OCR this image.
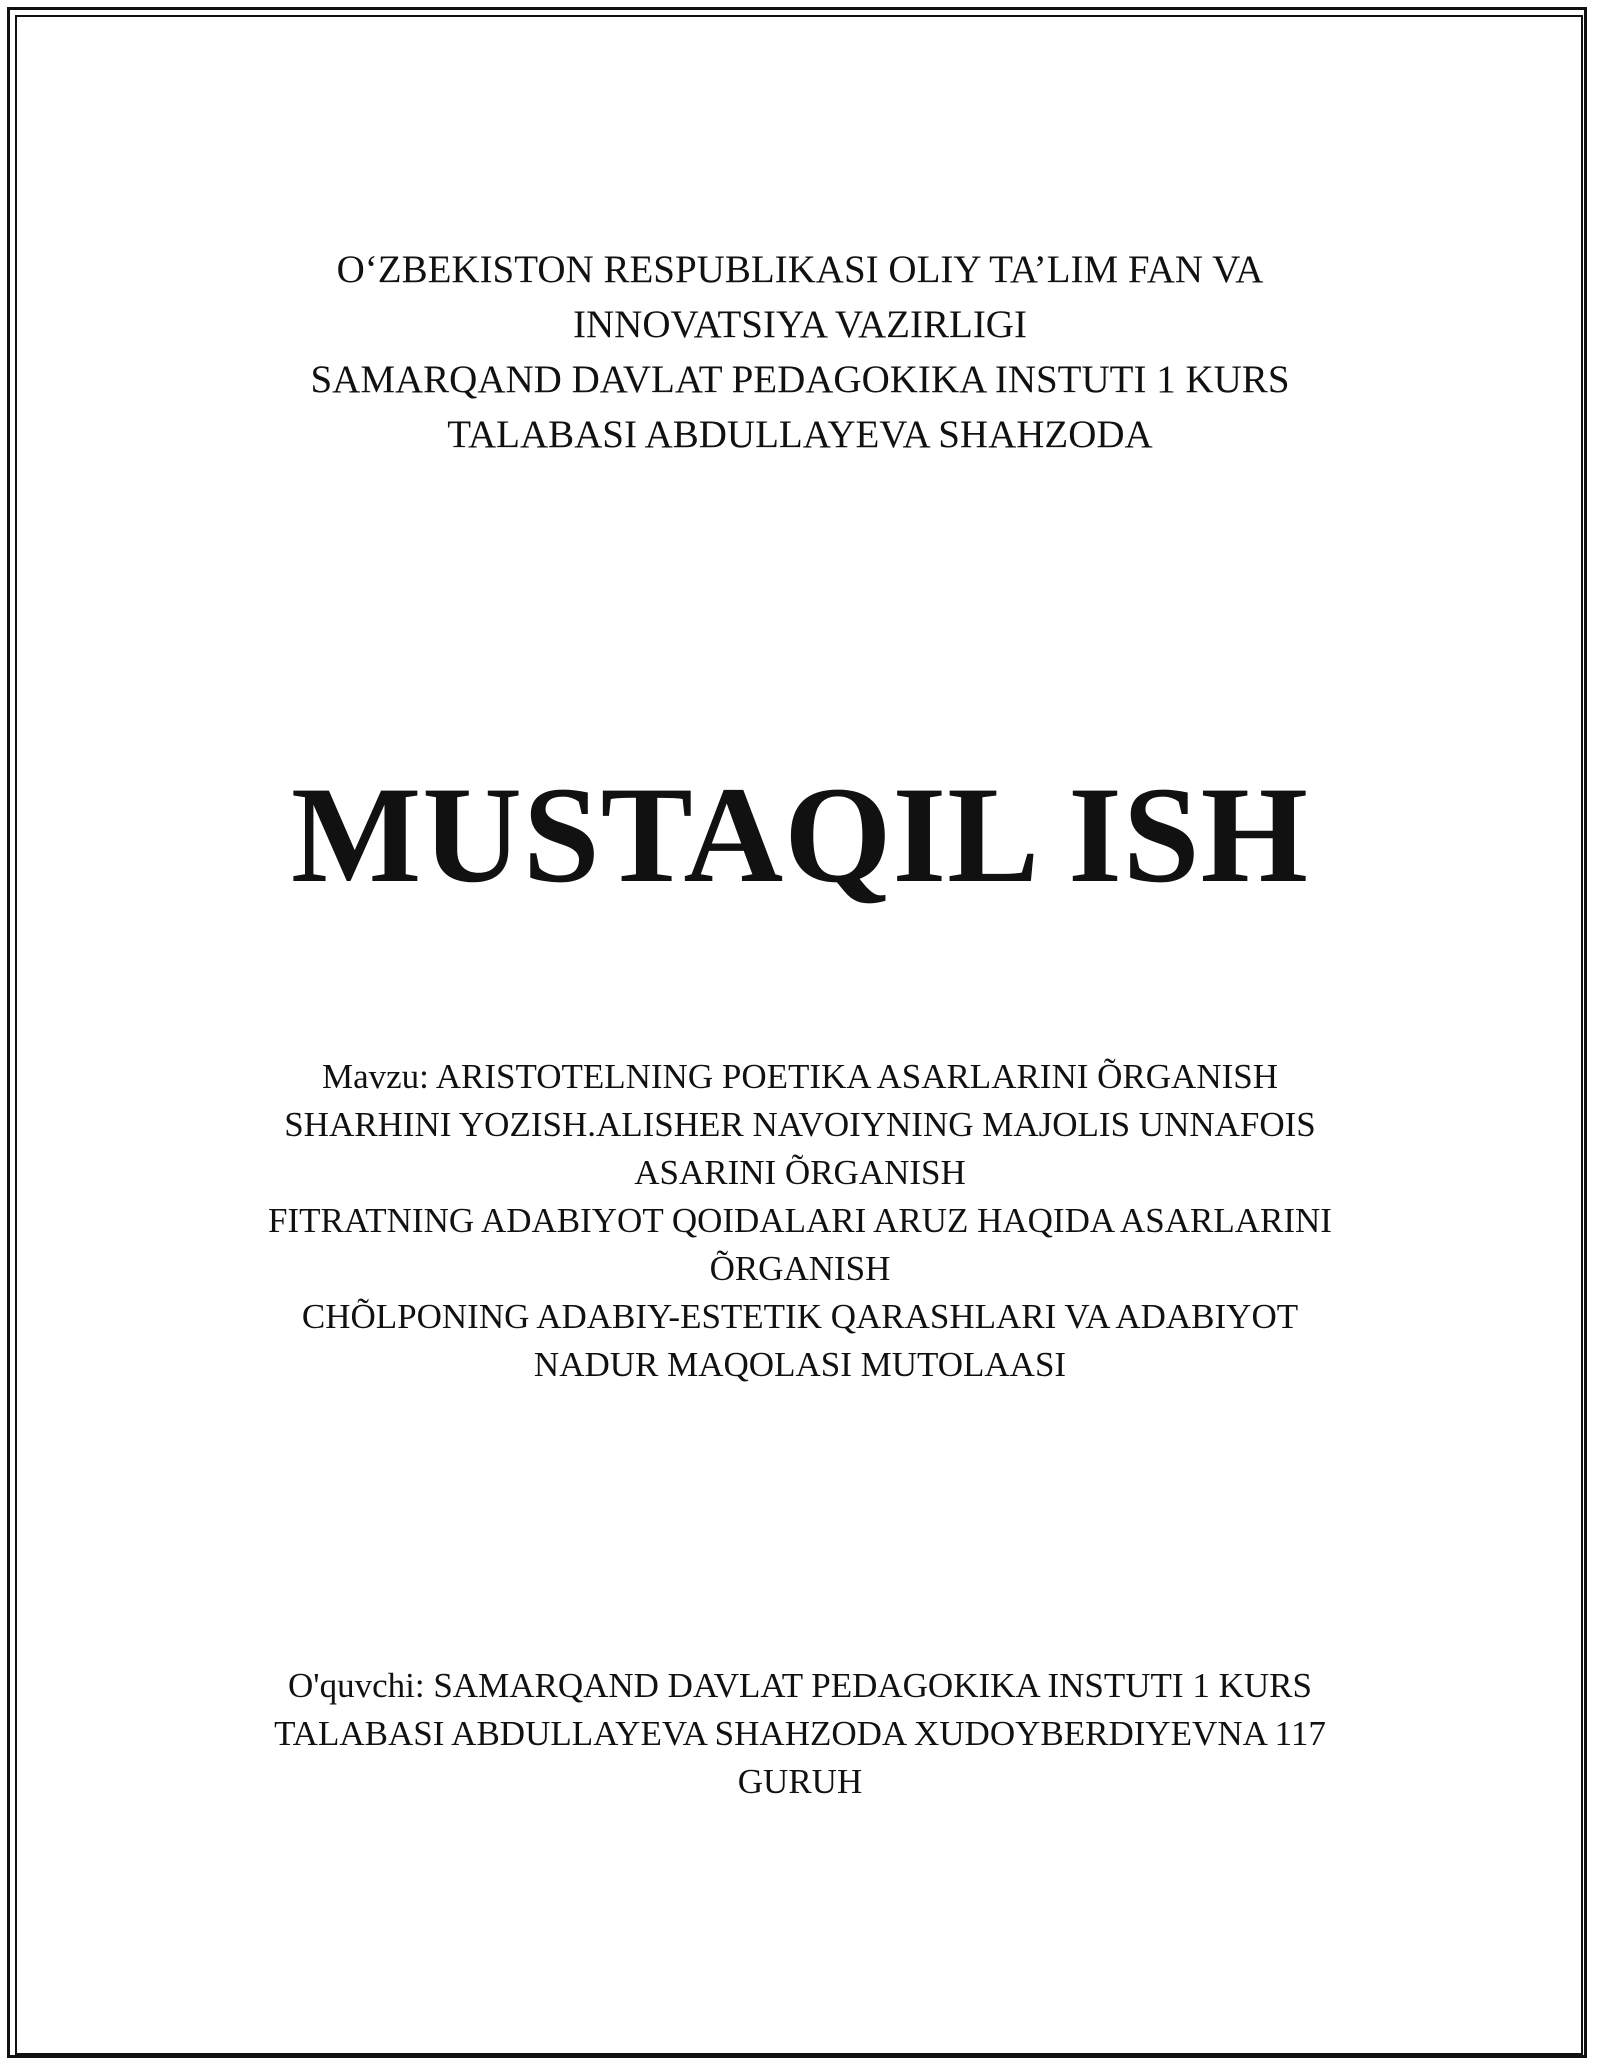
O‘ZBEKISTON RESPUBLIKASI OLIY TA’LIM FAN VA
INNOVATSIYA VAZIRLIGI
SAMARQAND DAVLAT PEDAGOKIKA INSTUTI 1 KURS
TALABASI ABDULLAYEVA SHAHZODA
MUSTAQIL ISH
Mavzu: ARISTOTELNING POETIKA ASARLARINI ÕRGANISH
SHARHINI YOZISH.ALISHER NAVOIYNING MAJOLIS UNNAFOIS
ASARINI ÕRGANISH
FITRATNING ADABIYOT QOIDALARI ARUZ HAQIDA ASARLARINI
ÕRGANISH
CHÕLPONING ADABIY-ESTETIK QARASHLARI VA ADABIYOT
NADUR MAQOLASI MUTOLAASI
O'quvchi: SAMARQAND DAVLAT PEDAGOKIKA INSTUTI 1 KURS
TALABASI ABDULLAYEVA SHAHZODA XUDOYBERDIYEVNA 117
GURUH
